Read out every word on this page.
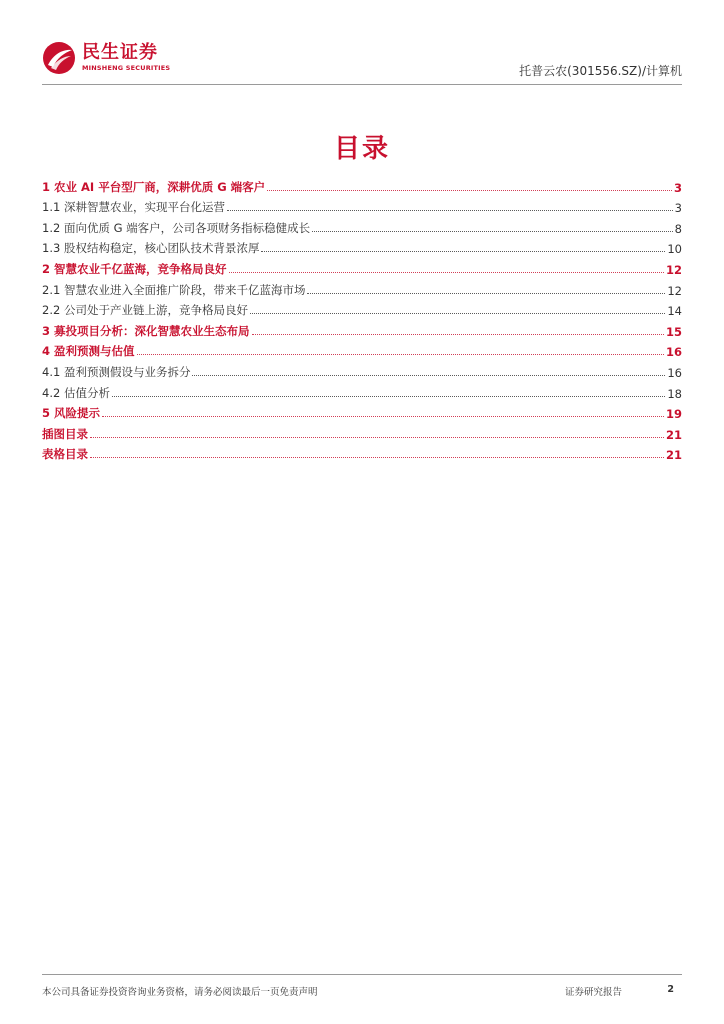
民生证券
MINSHENG SECURITIES	托普云农(301556.SZ)/计算机
目录
1 农业 AI 平台型厂商，深耕优质 G 端客户	3
1.1 深耕智慧农业，实现平台化运营	3
1.2 面向优质 G 端客户，公司各项财务指标稳健成长	8
1.3 股权结构稳定，核心团队技术背景浓厚	10
2 智慧农业千亿蓝海，竞争格局良好	12
2.1 智慧农业进入全面推广阶段，带来千亿蓝海市场	12
2.2 公司处于产业链上游，竞争格局良好	14
3 募投项目分析：深化智慧农业生态布局	15
4 盈利预测与估值	16
4.1 盈利预测假设与业务拆分	16
4.2 估值分析	18
5 风险提示	19
插图目录	21
表格目录	21
本公司具备证券投资咨询业务资格，请务必阅读最后一页免责声明	证券研究报告	2
